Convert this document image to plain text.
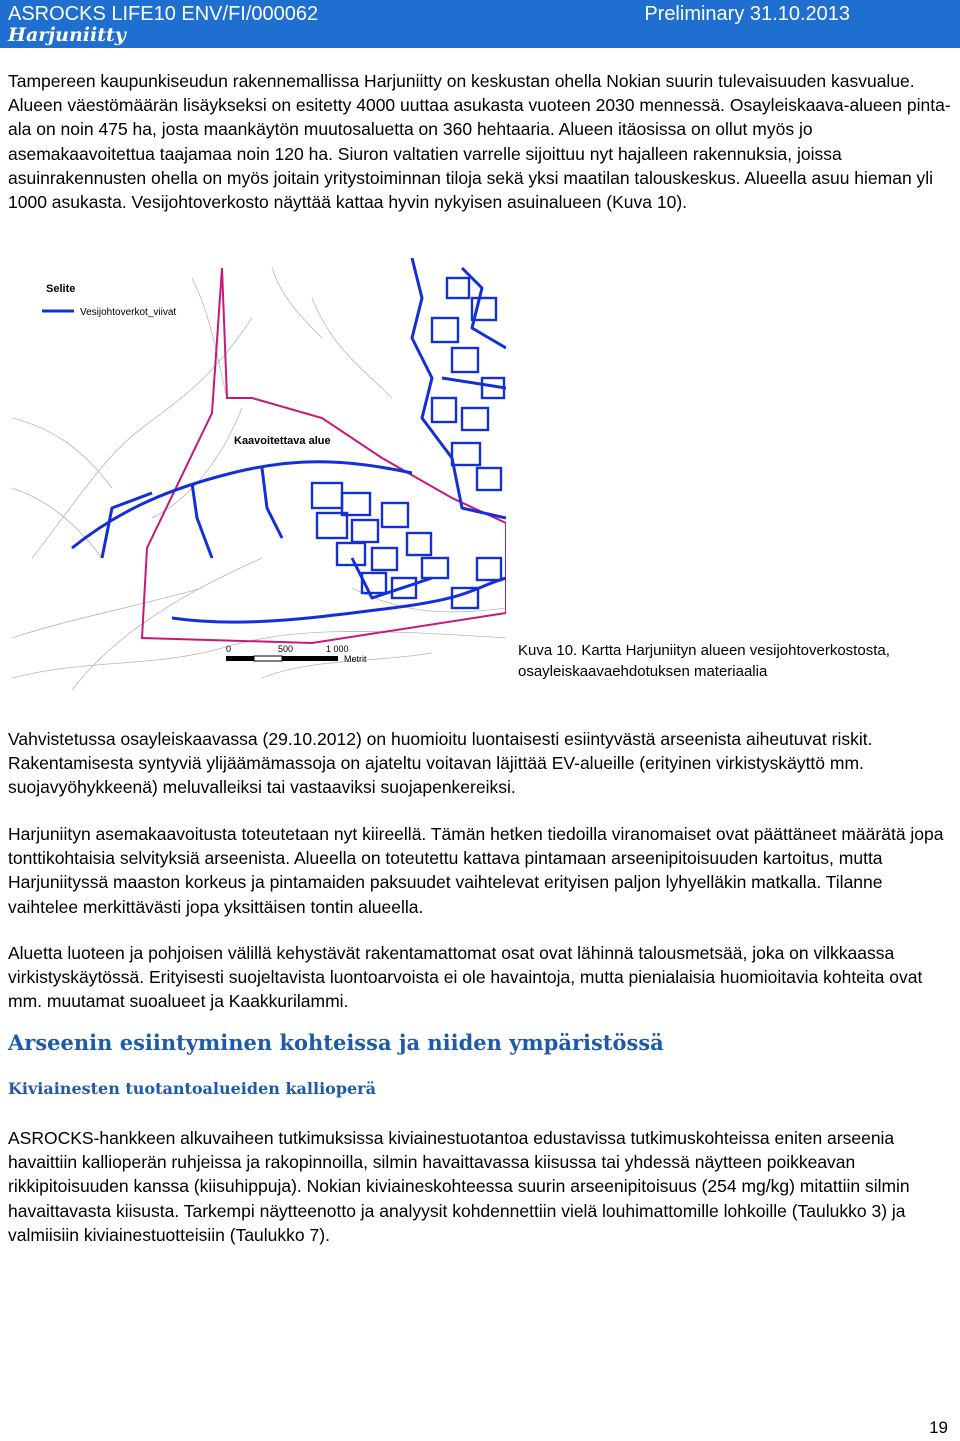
ASROCKS LIFE10 ENV/FI/000062	Preliminary 31.10.2013
Harjuniitty

Tampereen kaupunkiseudun rakennemallissa Harjuniitty on keskustan ohella Nokian suurin tulevaisuuden kasvualue. Alueen väestömäärän lisäykseksi on esitetty 4000 uuttaa asukasta vuoteen 2030 mennessä. Osayleiskaava-alueen pinta-ala on noin 475 ha, josta maankäytön muutosaluetta on 360 hehtaaria. Alueen itäosissa on ollut myös jo asemakaavoitettua taajamaa noin 120 ha. Siuron valtatien varrelle sijoittuu nyt hajalleen rakennuksia, joissa asuinrakennusten ohella on myös joitain yritystoiminnan tiloja sekä yksi maatilan talouskeskus. Alueella asuu hieman yli 1000 asukasta. Vesijohtoverkosto näyttää kattaa hyvin nykyisen asuinalueen (Kuva 10).

Selite
Vesijohtoverkot_viivat
Kaavoitettava alue
0	500	1 000
Metrit	Kuva 10. Kartta Harjuniityn alueen vesijohtoverkostosta, osayleiskaavaehdotuksen materiaalia

Vahvistetussa osayleiskaavassa (29.10.2012) on huomioitu luontaisesti esiintyvästä arseenista aiheutuvat riskit. Rakentamisesta syntyviä ylijäämämassoja on ajateltu voitavan läjittää EV-alueille (erityinen virkistyskäyttö mm. suojavyöhykkeenä) meluvalleiksi tai vastaaviksi suojapenkereiksi.

Harjuniityn asemakaavoitusta toteutetaan nyt kiireellä. Tämän hetken tiedoilla viranomaiset ovat päättäneet määrätä jopa tonttikohtaisia selvityksiä arseenista. Alueella on toteutettu kattava pintamaan arseenipitoisuuden kartoitus, mutta Harjuniityssä maaston korkeus ja pintamaiden paksuudet vaihtelevat erityisen paljon lyhyelläkin matkalla. Tilanne vaihtelee merkittävästi jopa yksittäisen tontin alueella.

Aluetta luoteen ja pohjoisen välillä kehystävät rakentamattomat osat ovat lähinnä talousmetsää, joka on vilkkaassa virkistyskäytössä. Erityisesti suojeltavista luontoarvoista ei ole havaintoja, mutta pienialaisia huomioitavia kohteita ovat mm. muutamat suoalueet ja Kaakkurilammi.

Arseenin esiintyminen kohteissa ja niiden ympäristössä
Kiviainesten tuotantoalueiden kallioperä

ASROCKS-hankkeen alkuvaiheen tutkimuksissa kiviainestuotantoa edustavissa tutkimuskohteissa eniten arseenia havaittiin kallioperän ruhjeissa ja rakopinnoilla, silmin havaittavassa kiisussa tai yhdessä näytteen poikkeavan rikkipitoisuuden kanssa (kiisuhippuja). Nokian kiviaineskohteessa suurin arseenipitoisuus (254 mg/kg) mitattiin silmin havaittavasta kiisusta. Tarkempi näytteenotto ja analyysit kohdennettiin vielä louhimattomille lohkoille (Taulukko 3) ja valmiisiin kiviainestuotteisiin (Taulukko 7).

19
